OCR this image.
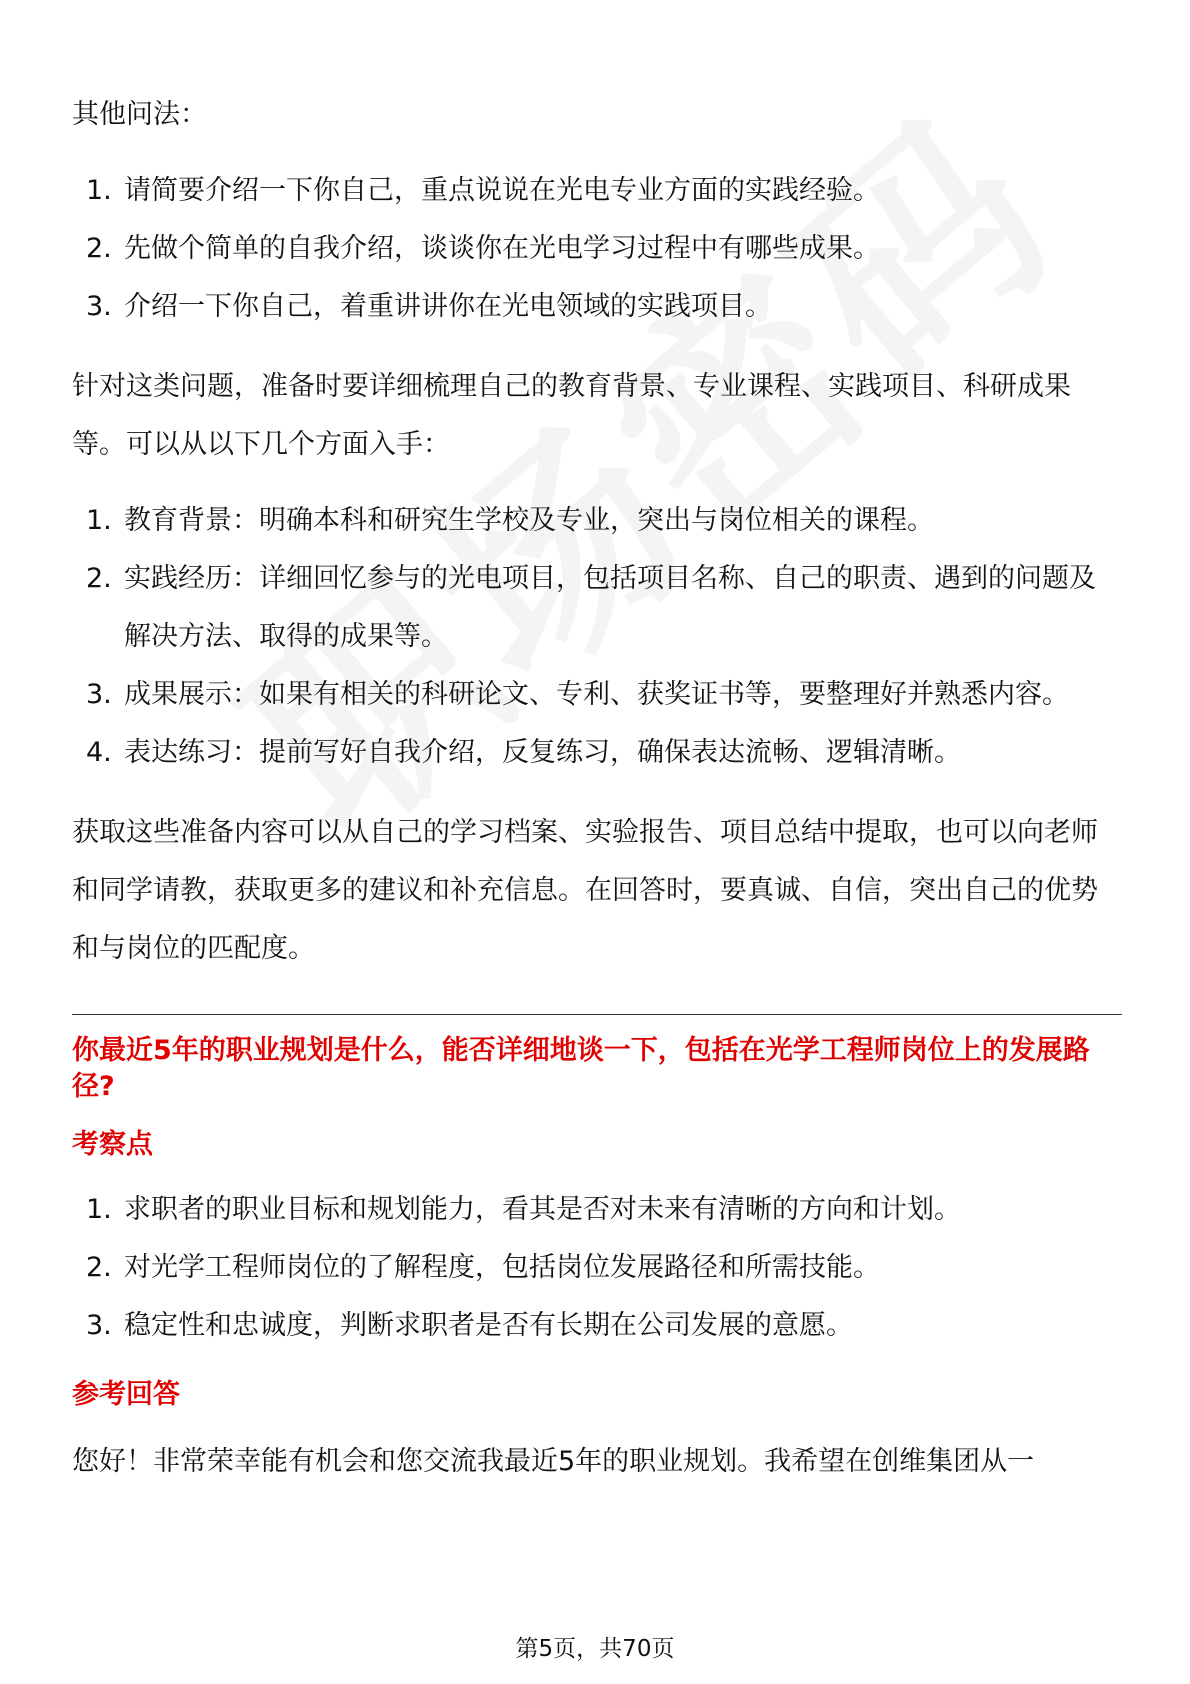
其他问法：

1. 请简要介绍一下你自己，重点说说在光电专业方面的实践经验。
2. 先做个简单的自我介绍，谈谈你在光电学习过程中有哪些成果。
3. 介绍一下你自己，着重讲讲你在光电领域的实践项目。

针对这类问题，准备时要详细梳理自己的教育背景、专业课程、实践项目、科研成果等。可以从以下几个方面入手：

1. 教育背景：明确本科和研究生学校及专业，突出与岗位相关的课程。
2. 实践经历：详细回忆参与的光电项目，包括项目名称、自己的职责、遇到的问题及解决方法、取得的成果等。
3. 成果展示：如果有相关的科研论文、专利、获奖证书等，要整理好并熟悉内容。
4. 表达练习：提前写好自我介绍，反复练习，确保表达流畅、逻辑清晰。

获取这些准备内容可以从自己的学习档案、实验报告、项目总结中提取，也可以向老师和同学请教，获取更多的建议和补充信息。在回答时，要真诚、自信，突出自己的优势和与岗位的匹配度。

你最近5年的职业规划是什么，能否详细地谈一下，包括在光学工程师岗位上的发展路径?
考察点
1. 求职者的职业目标和规划能力，看其是否对未来有清晰的方向和计划。
2. 对光学工程师岗位的了解程度，包括岗位发展路径和所需技能。
3. 稳定性和忠诚度，判断求职者是否有长期在公司发展的意愿。
参考回答

您好！非常荣幸能有机会和您交流我最近5年的职业规划。我希望在创维集团从一

第5页，共70页
